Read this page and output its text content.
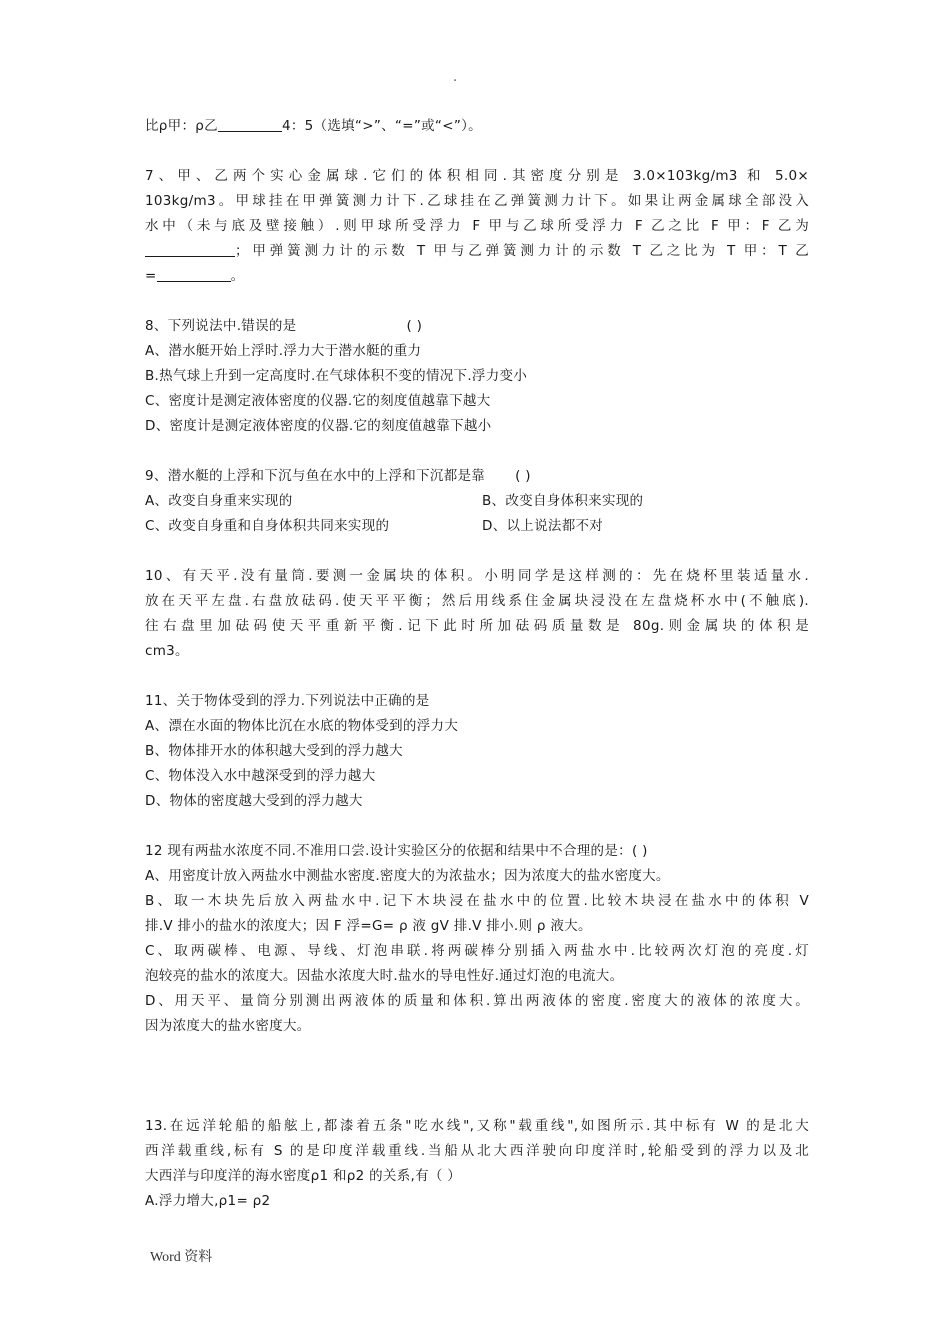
.
比ρ甲：ρ乙	4：5（选填“>”、“=”或“<”）。
7、甲、乙两个实心金属球.它们的体积相同.其密度分别是 3.0×103kg/m3 和 5.0×
103kg/m3。甲球挂在甲弹簧测力计下.乙球挂在乙弹簧测力计下。如果让两金属球全部没入
水中（未与底及壁接触）.则甲球所受浮力 F 甲与乙球所受浮力 F 乙之比 F 甲：F 乙为
；甲弹簧测力计的示数 T 甲与乙弹簧测力计的示数 T 乙之比为 T 甲：T 乙
=	。
8、下列说法中.错误的是	( )
A、潜水艇开始上浮时.浮力大于潜水艇的重力
B.热气球上升到一定高度时.在气球体积不变的情况下.浮力变小
C、密度计是测定液体密度的仪器.它的刻度值越靠下越大
D、密度计是测定液体密度的仪器.它的刻度值越靠下越小
9、潜水艇的上浮和下沉与鱼在水中的上浮和下沉都是靠 ( )
A、改变自身重来实现的	B、改变自身体积来实现的
C、改变自身重和自身体积共同来实现的	D、以上说法都不对
10、有天平.没有量筒.要测一金属块的体积。小明同学是这样测的：先在烧杯里装适量水.
放在天平左盘.右盘放砝码.使天平平衡；然后用线系住金属块浸没在左盘烧杯水中(不触底).
往右盘里加砝码使天平重新平衡.记下此时所加砝码质量数是 80g.则金属块的体积是
cm3。
11、关于物体受到的浮力.下列说法中正确的是
A、漂在水面的物体比沉在水底的物体受到的浮力大
B、物体排开水的体积越大受到的浮力越大
C、物体没入水中越深受到的浮力越大
D、物体的密度越大受到的浮力越大
12 现有两盐水浓度不同.不准用口尝.设计实验区分的依据和结果中不合理的是：( )
A、用密度计放入两盐水中测盐水密度.密度大的为浓盐水；因为浓度大的盐水密度大。
B、取一木块先后放入两盐水中.记下木块浸在盐水中的位置.比较木块浸在盐水中的体积 V
排.V 排小的盐水的浓度大；因 F 浮=G= ρ 液 gV 排.V 排小.则 ρ 液大。
C、取两碳棒、电源、导线、灯泡串联.将两碳棒分别插入两盐水中.比较两次灯泡的亮度.灯
泡较亮的盐水的浓度大。因盐水浓度大时.盐水的导电性好.通过灯泡的电流大。
D、用天平、量筒分别测出两液体的质量和体积.算出两液体的密度.密度大的液体的浓度大。
因为浓度大的盐水密度大。
13.在远洋轮船的船舷上,都漆着五条"吃水线",又称"载重线",如图所示.其中标有 W 的是北大
西洋载重线,标有 S 的是印度洋载重线.当船从北大西洋驶向印度洋时,轮船受到的浮力以及北
大西洋与印度洋的海水密度ρ1 和ρ2 的关系,有（ ）
A.浮力增大,ρ1= ρ2
Word 资料
